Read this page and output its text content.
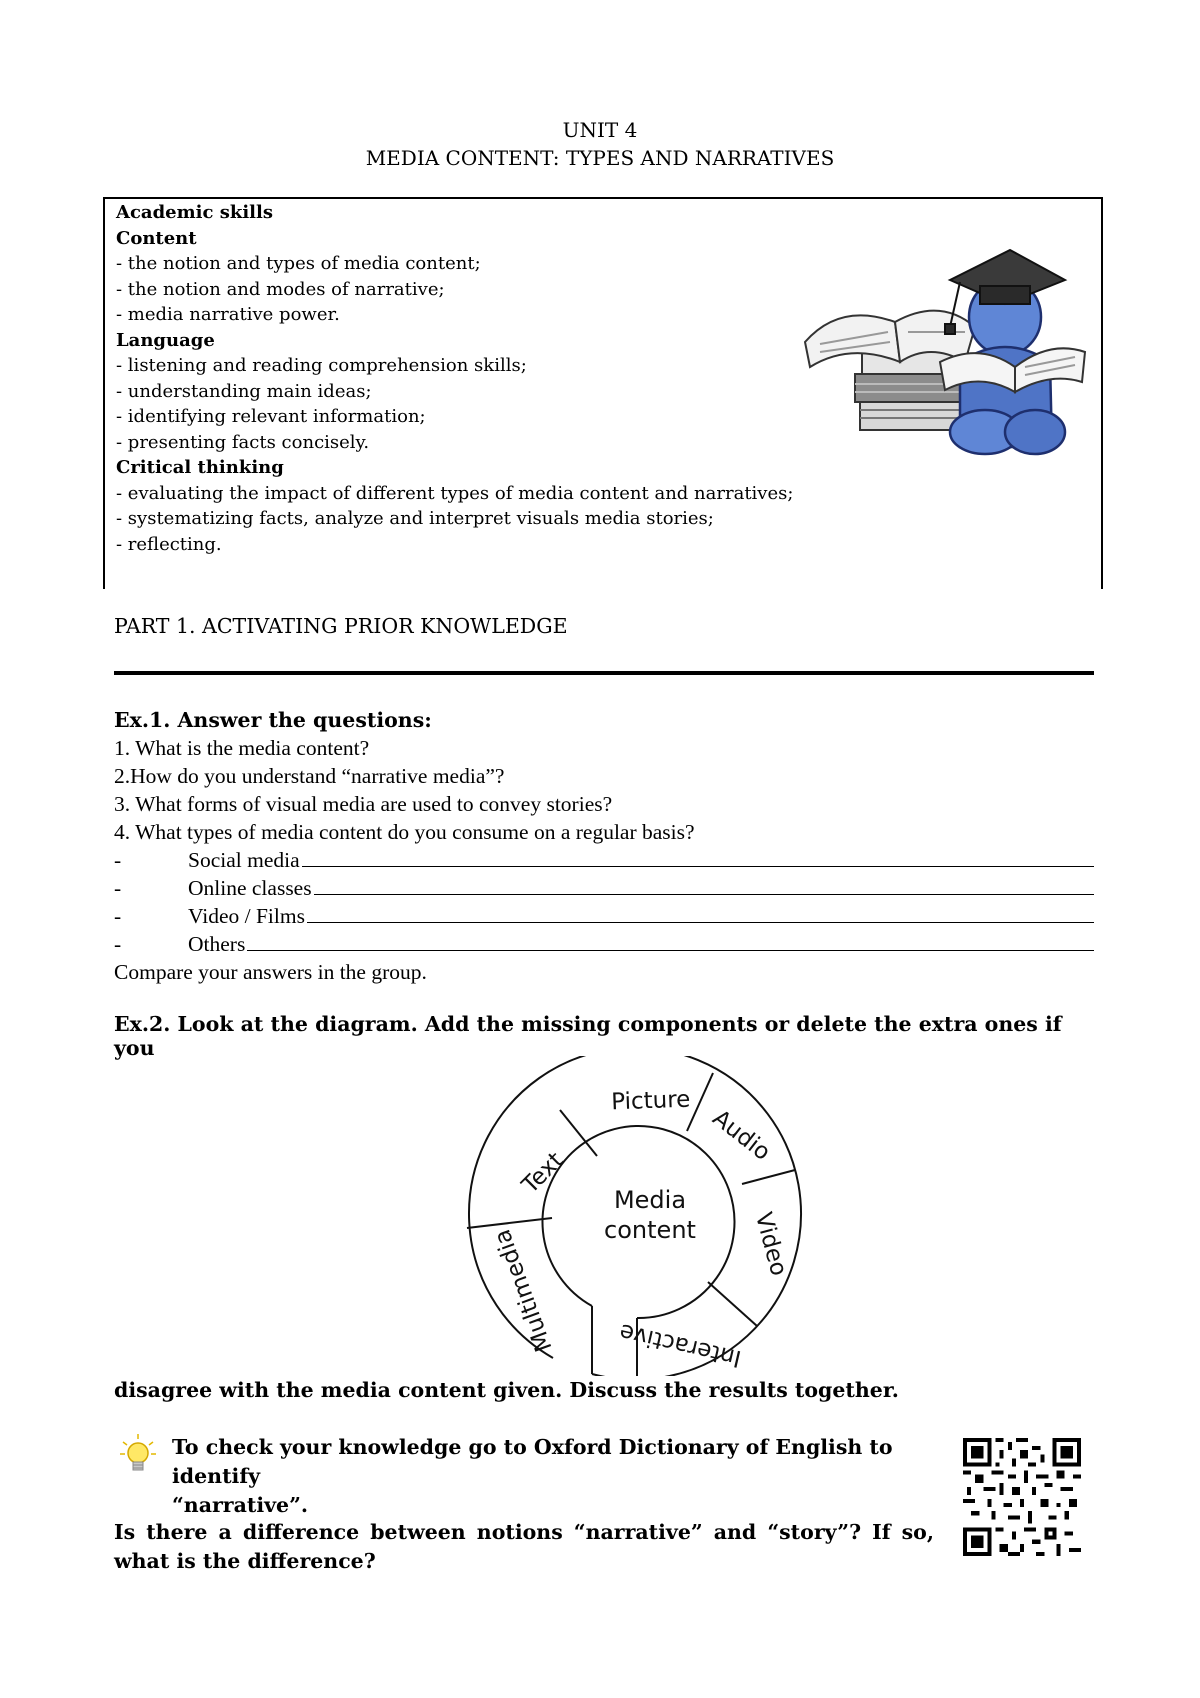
UNIT 4
MEDIA CONTENT: TYPES AND NARRATIVES
Academic skills
Content
- the notion and types of media content;
- the notion and modes of narrative;
- media narrative power.
Language
- listening and reading comprehension skills;
- understanding main ideas;
- identifying relevant information;
- presenting facts concisely.
Critical thinking
- evaluating the impact of different types of media content and narratives;
- systematizing facts, analyze and interpret visuals media stories;
- reflecting.
PART 1. ACTIVATING PRIOR KNOWLEDGE
Ex.1. Answer the questions:
1. What is the media content?
2.How do you understand “narrative media”?
3. What forms of visual media are used to convey stories?
4. What types of media content do you consume on a regular basis?
-	Social media
-	Online classes
-	Video / Films
-	Others
Compare your answers in the group.
Ex.2. Look at the diagram. Add the missing components or delete the extra ones if you
Media
content
Picture
Audio
Video
Interactive
Multimedia
Text
disagree with the media content given. Discuss the results together.
To check your knowledge go to Oxford Dictionary of English to identify
“narrative”.
Is there a difference between notions “narrative” and “story”? If so, what is the difference?
